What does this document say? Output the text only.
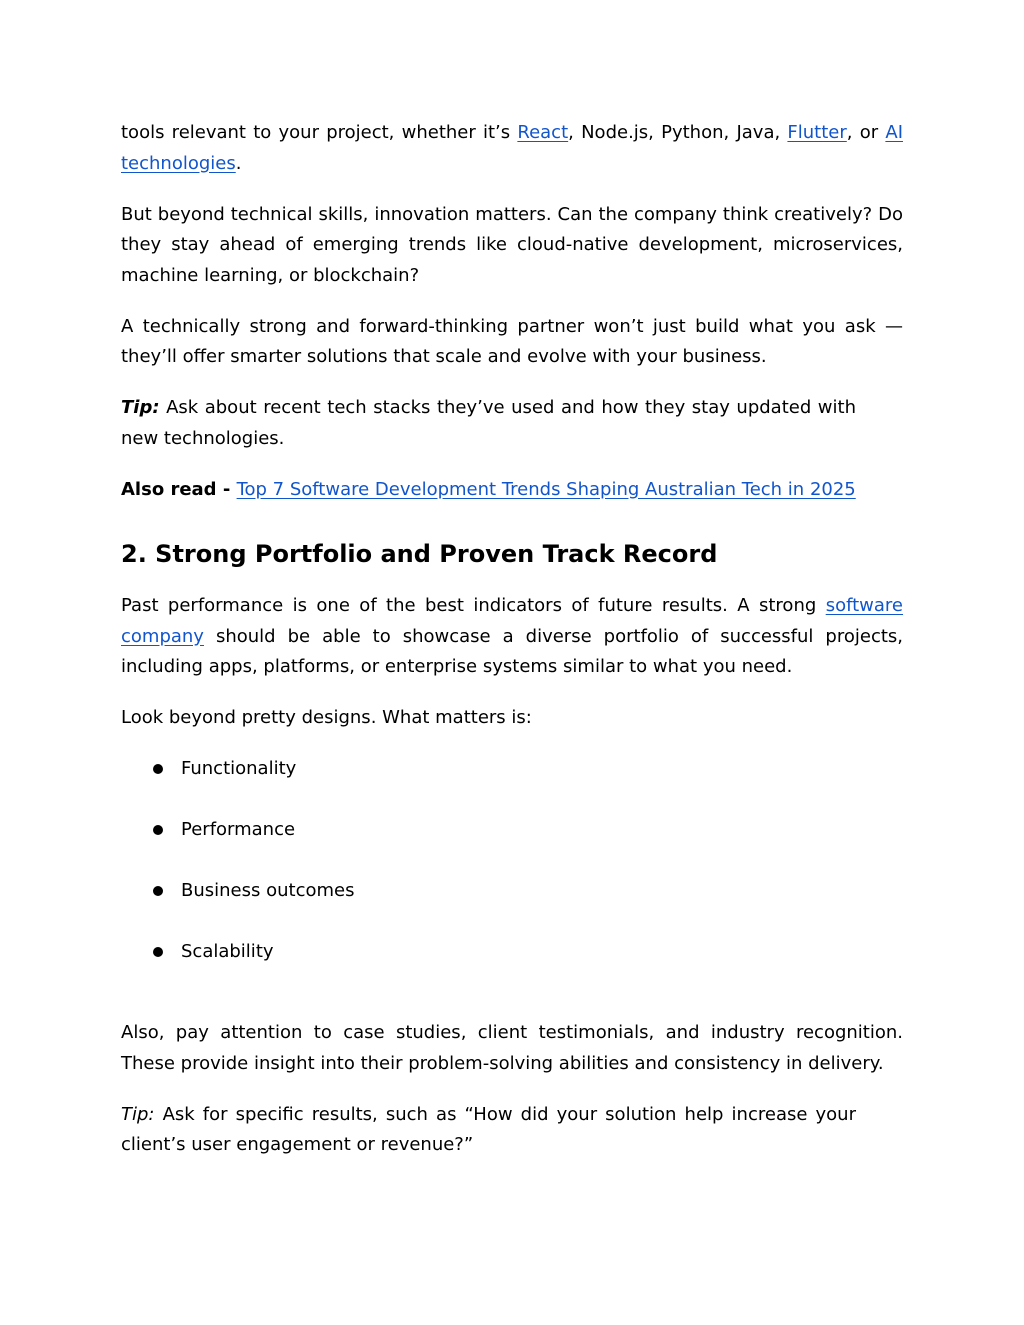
tools relevant to your project, whether it’s React, Node.js, Python, Java, Flutter, or AI technologies.

But beyond technical skills, innovation matters. Can the company think creatively? Do they stay ahead of emerging trends like cloud-native development, microservices, machine learning, or blockchain?

A technically strong and forward-thinking partner won’t just build what you ask — they’ll offer smarter solutions that scale and evolve with your business.

Tip: Ask about recent tech stacks they’ve used and how they stay updated with new technologies.

Also read - Top 7 Software Development Trends Shaping Australian Tech in 2025

2. Strong Portfolio and Proven Track Record

Past performance is one of the best indicators of future results. A strong software company should be able to showcase a diverse portfolio of successful projects, including apps, platforms, or enterprise systems similar to what you need.

Look beyond pretty designs. What matters is:

Functionality
Performance
Business outcomes
Scalability

Also, pay attention to case studies, client testimonials, and industry recognition. These provide insight into their problem-solving abilities and consistency in delivery.

Tip: Ask for specific results, such as “How did your solution help increase your client’s user engagement or revenue?”
